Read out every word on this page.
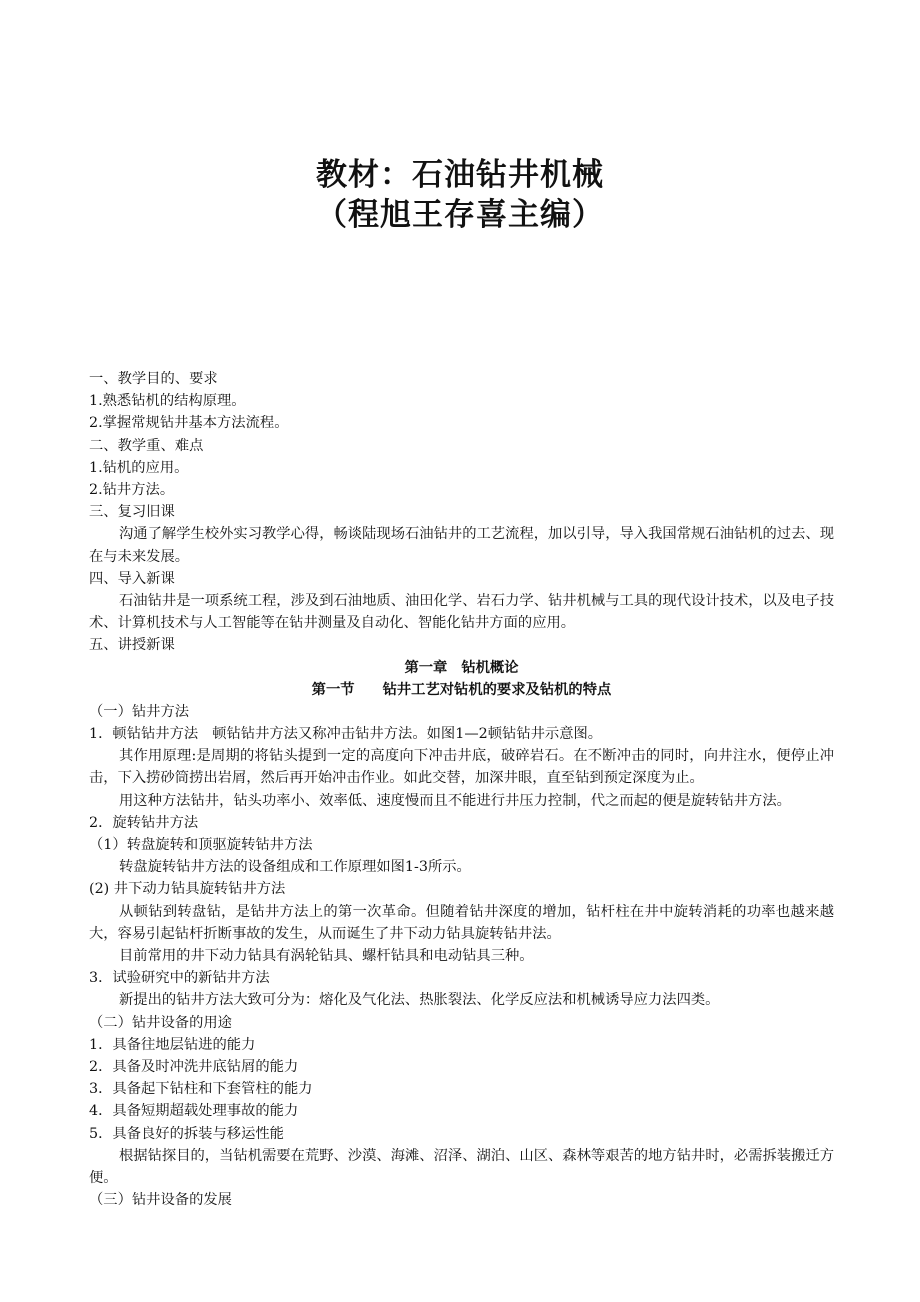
教材：石油钻井机械
（程旭王存喜主编）
一、教学目的、要求
1.熟悉钻机的结构原理。
2.掌握常规钻井基本方法流程。
二、教学重、难点
1.钻机的应用。
2.钻井方法。
三、复习旧课
沟通了解学生校外实习教学心得，畅谈陆现场石油钻井的工艺流程，加以引导，导入我国常规石油钻机的过去、现在与未来发展。
四、导入新课
石油钻井是一项系统工程，涉及到石油地质、油田化学、岩石力学、钻井机械与工具的现代设计技术，以及电子技术、计算机技术与人工智能等在钻井测量及自动化、智能化钻井方面的应用。
五、讲授新课
第一章 钻机概论
第一节 钻井工艺对钻机的要求及钻机的特点
（一）钻井方法
1．顿钻钻井方法 顿钻钻井方法又称冲击钻井方法。如图1—2顿钻钻井示意图。
其作用原理:是周期的将钻头提到一定的高度向下冲击井底，破碎岩石。在不断冲击的同时，向井注水，便停止冲击，下入捞砂筒捞出岩屑，然后再开始冲击作业。如此交替，加深井眼，直至钻到预定深度为止。
用这种方法钻井，钻头功率小、效率低、速度慢而且不能进行井压力控制，代之而起的便是旋转钻井方法。
2．旋转钻井方法
（1）转盘旋转和顶驱旋转钻井方法
转盘旋转钻井方法的设备组成和工作原理如图1-3所示。
(2) 井下动力钻具旋转钻井方法
从顿钻到转盘钻，是钻井方法上的第一次革命。但随着钻井深度的增加，钻杆柱在井中旋转消耗的功率也越来越大，容易引起钻杆折断事故的发生，从而诞生了井下动力钻具旋转钻井法。
目前常用的井下动力钻具有涡轮钻具、螺杆钻具和电动钻具三种。
3．试验研究中的新钻井方法
新提出的钻井方法大致可分为：熔化及气化法、热胀裂法、化学反应法和机械诱导应力法四类。
（二）钻井设备的用途
1．具备往地层钻进的能力
2．具备及时冲洗井底钻屑的能力
3．具备起下钻柱和下套管柱的能力
4．具备短期超载处理事故的能力
5．具备良好的拆装与移运性能
根据钻探目的，当钻机需要在荒野、沙漠、海滩、沼泽、湖泊、山区、森林等艰苦的地方钻井时，必需拆装搬迁方便。
（三）钻井设备的发展
